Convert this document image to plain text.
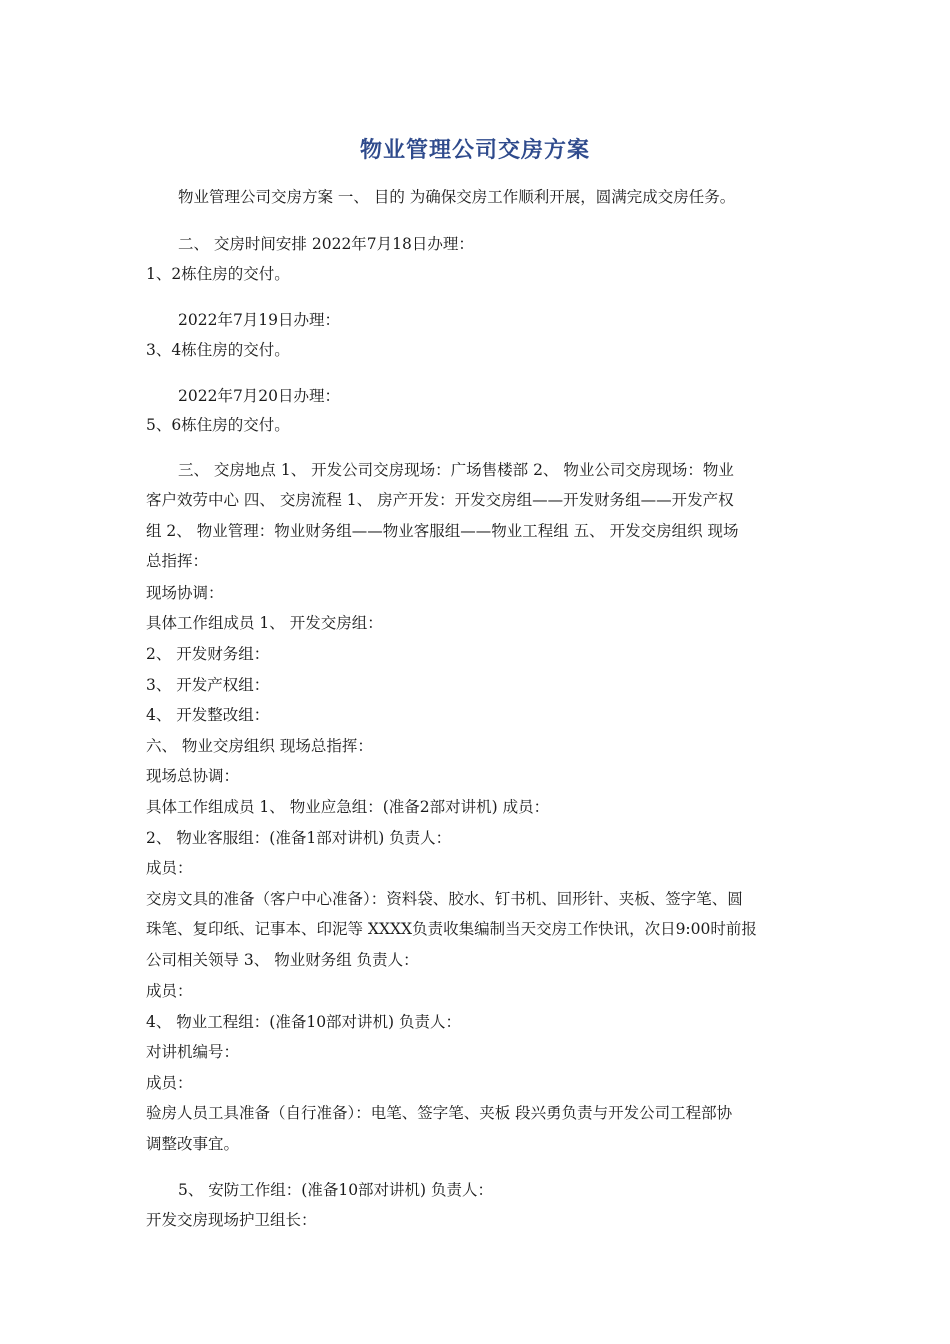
物业管理公司交房方案
物业管理公司交房方案 一、 目的 为确保交房工作顺利开展，圆满完成交房任务。
二、 交房时间安排 2022年7月18日办理：
1、2栋住房的交付。
2022年7月19日办理：
3、4栋住房的交付。
2022年7月20日办理：
5、6栋住房的交付。
三、 交房地点 1、 开发公司交房现场：广场售楼部 2、 物业公司交房现场：物业
客户效劳中心 四、 交房流程 1、 房产开发：开发交房组——开发财务组——开发产权
组 2、 物业管理：物业财务组——物业客服组——物业工程组 五、 开发交房组织 现场
总指挥：
现场协调：
具体工作组成员 1、 开发交房组：
2、 开发财务组：
3、 开发产权组：
4、 开发整改组：
六、 物业交房组织 现场总指挥：
现场总协调：
具体工作组成员 1、 物业应急组：(准备2部对讲机) 成员：
2、 物业客服组：(准备1部对讲机) 负责人：
成员：
交房文具的准备（客户中心准备）：资料袋、胶水、钉书机、回形针、夹板、签字笔、圆
珠笔、复印纸、记事本、印泥等 XXXX负责收集编制当天交房工作快讯，次日9:00时前报
公司相关领导 3、 物业财务组 负责人：
成员：
4、 物业工程组：(准备10部对讲机) 负责人：
对讲机编号：
成员：
验房人员工具准备（自行准备）：电笔、签字笔、夹板 段兴勇负责与开发公司工程部协
调整改事宜。
5、 安防工作组：(准备10部对讲机) 负责人：
开发交房现场护卫组长：
